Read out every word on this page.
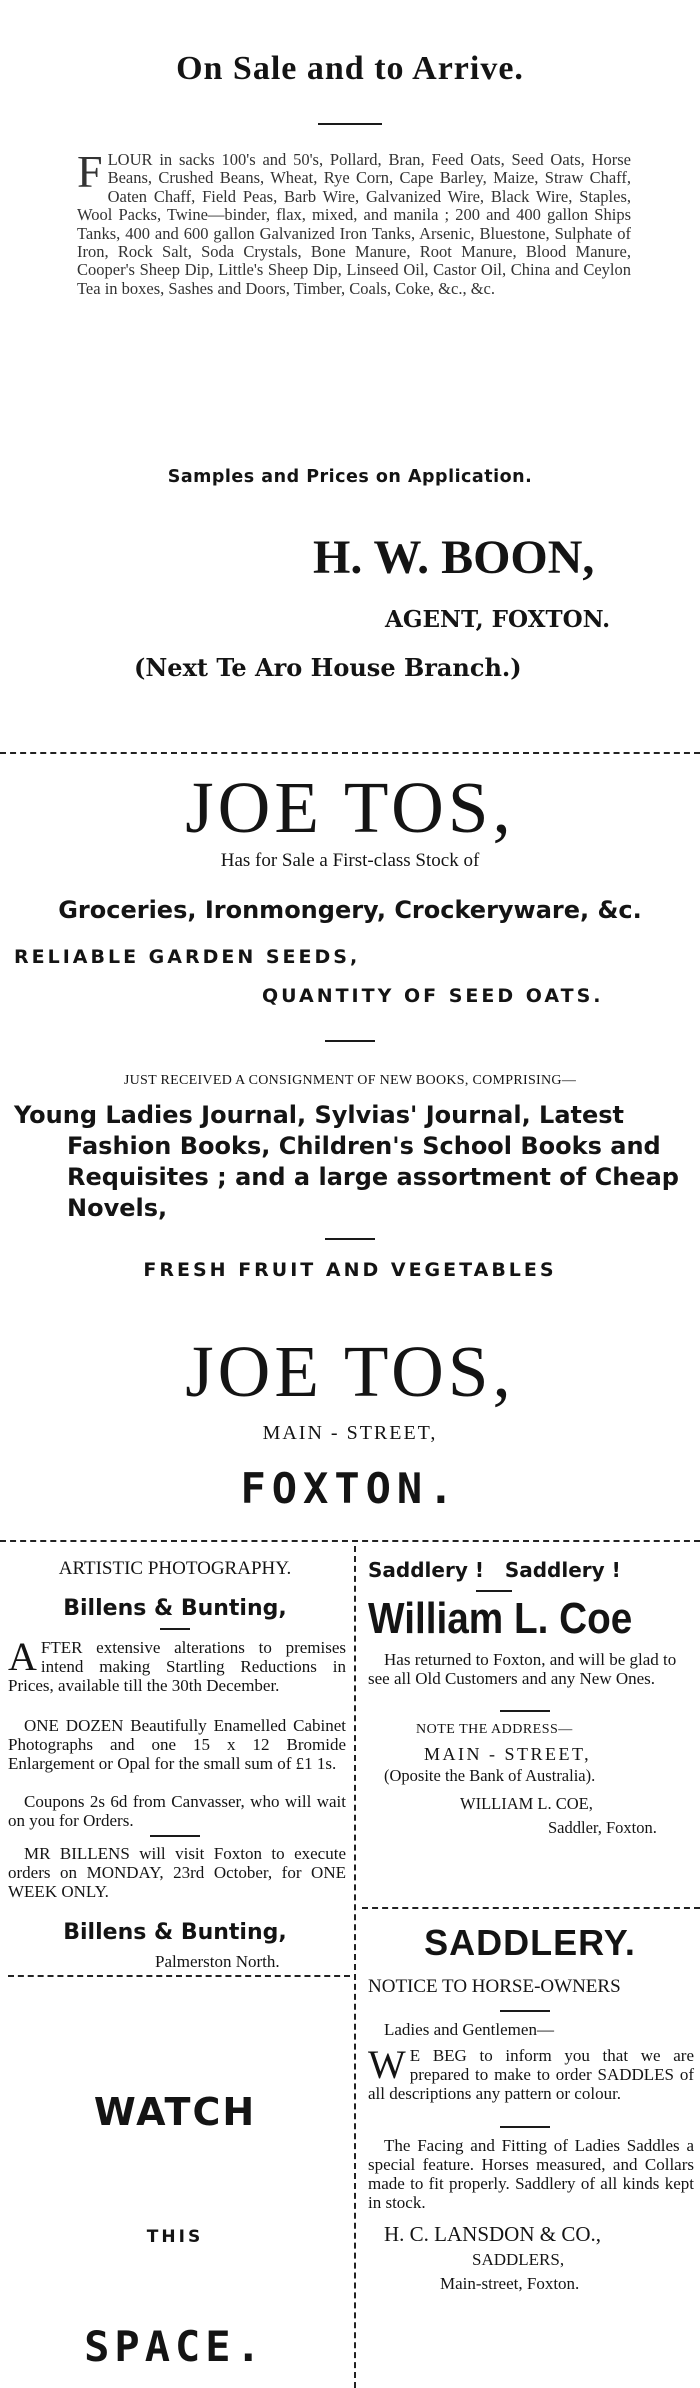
On Sale and to Arrive.
F LOUR in sacks 100's and 50's, Pollard, Bran, Feed Oats, Seed Oats, Horse Beans, Crushed Beans, Wheat, Rye Corn, Cape Barley, Maize, Straw Chaff, Oaten Chaff, Field Peas, Barb Wire, Galvanized Wire, Black Wire, Staples, Wool Packs, Twine—binder, flax, mixed, and manila ; 200 and 400 gallon Ships Tanks, 400 and 600 gallon Galvanized Iron Tanks, Arsenic, Bluestone, Sulphate of Iron, Rock Salt, Soda Crystals, Bone Manure, Root Manure, Blood Manure, Cooper's Sheep Dip, Little's Sheep Dip, Linseed Oil, Castor Oil, China and Ceylon Tea in boxes, Sashes and Doors, Timber, Coals, Coke, &c., &c.
Samples and Prices on Application.
H. W. BOON,
AGENT, FOXTON.
(Next Te Aro House Branch.)
JOE TOS,
Has for Sale a First-class Stock of
Groceries, Ironmongery, Crockeryware, &c.
RELIABLE GARDEN SEEDS,
QUANTITY OF SEED OATS.
JUST RECEIVED A CONSIGNMENT OF NEW BOOKS, COMPRISING—
Young Ladies Journal, Sylvias' Journal, Latest
Fashion Books, Children's School Books and
Requisites ; and a large assortment of Cheap
Novels,
FRESH FRUIT AND VEGETABLES
JOE TOS,
MAIN - STREET,
FOXTON.
ARTISTIC PHOTOGRAPHY.
Billens & Bunting,
A FTER extensive alterations to premises intend making Startling Reductions in Prices, available till the 30th December.
ONE DOZEN Beautifully Enamelled Cabinet Photographs and one 15 x 12 Bromide Enlargement or Opal for the small sum of £1 1s.
Coupons 2s 6d from Canvasser, who will wait on you for Orders.
MR BILLENS will visit Foxton to execute orders on MONDAY, 23rd October, for ONE WEEK ONLY.
Billens & Bunting,
Palmerston North.
WATCH
THIS
SPACE.
Saddlery !   Saddlery !
William L. Coe
Has returned to Foxton, and will be glad to see all Old Customers and any New Ones.
NOTE THE ADDRESS—
MAIN - STREET,
(Oposite the Bank of Australia).
WILLIAM L. COE,
Saddler, Foxton.
SADDLERY.
NOTICE TO HORSE-OWNERS
Ladies and Gentlemen—
W E BEG to inform you that we are prepared to make to order SADDLES of all descriptions any pattern or colour.
The Facing and Fitting of Ladies Saddles a special feature. Horses measured, and Collars made to fit properly. Saddlery of all kinds kept in stock.
H. C. LANSDON & CO.,
SADDLERS,
Main-street, Foxton.
